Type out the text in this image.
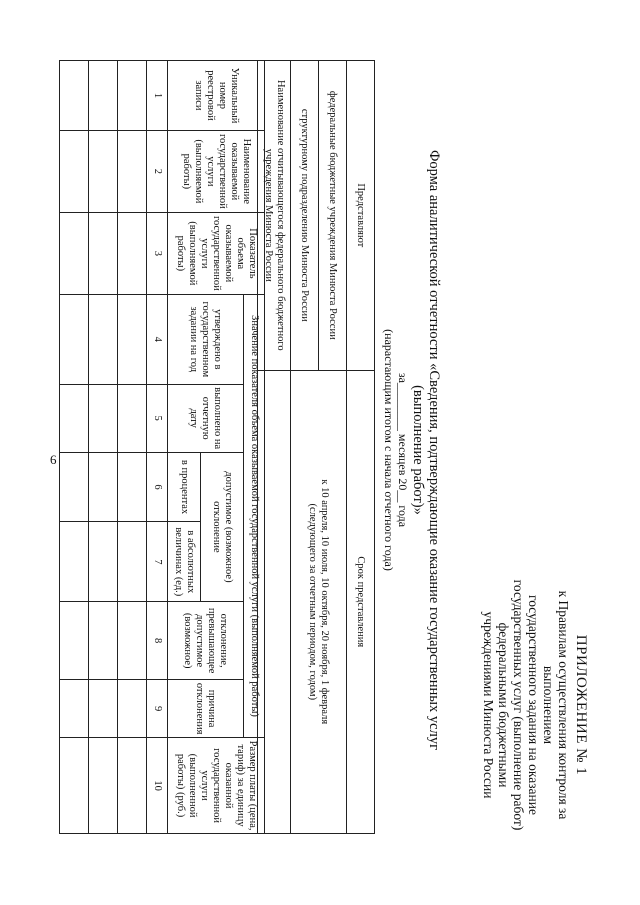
6
ПРИЛОЖЕНИЕ № 1
к Правилам осуществления контроля за выполнением
государственного задания на оказание
государственных услуг (выполнение работ)
федеральными бюджетными
учреждениями Минюста России
Форма аналитической отчетности «Сведения, подтверждающие оказание государственных услуг
(выполнение работ)»
за________ месяцев 20__ года
(нарастающим итогом с начала отчетного года)
Представляют	Срок представления
федеральные бюджетные учреждения Минюста России	к 10 апреля, 10 июля, 10 октября, 20 ноября, 1 февраля
(следующего за отчетным периодом, годом)

структурному подразделению Минюста России	
Наименование отчитывающегося федерального бюджетного учреждения Минюста России	
Уникальный номер реестровой записи	Наименование оказываемой государственной услуги (выполняемой работы)	Показатель объема оказываемой государственной услуги (выполняемой работы)	Значение показателя объема оказываемой государственной услуги (выполняемой работы)						Размер платы (цена, тариф) за единицу оказанной государственной услуги (выполненной работы) (руб.)
			утверждено в государственном задании на год	выполнено на отчетную дату	допустимое (возможное) отклонение		отклонение, превышающее допустимое (возможное)	причина отклонения	
					в процентах	в абсолютных величинах (ед.)			
1	2	3	4	5	6	7	8	9	10
